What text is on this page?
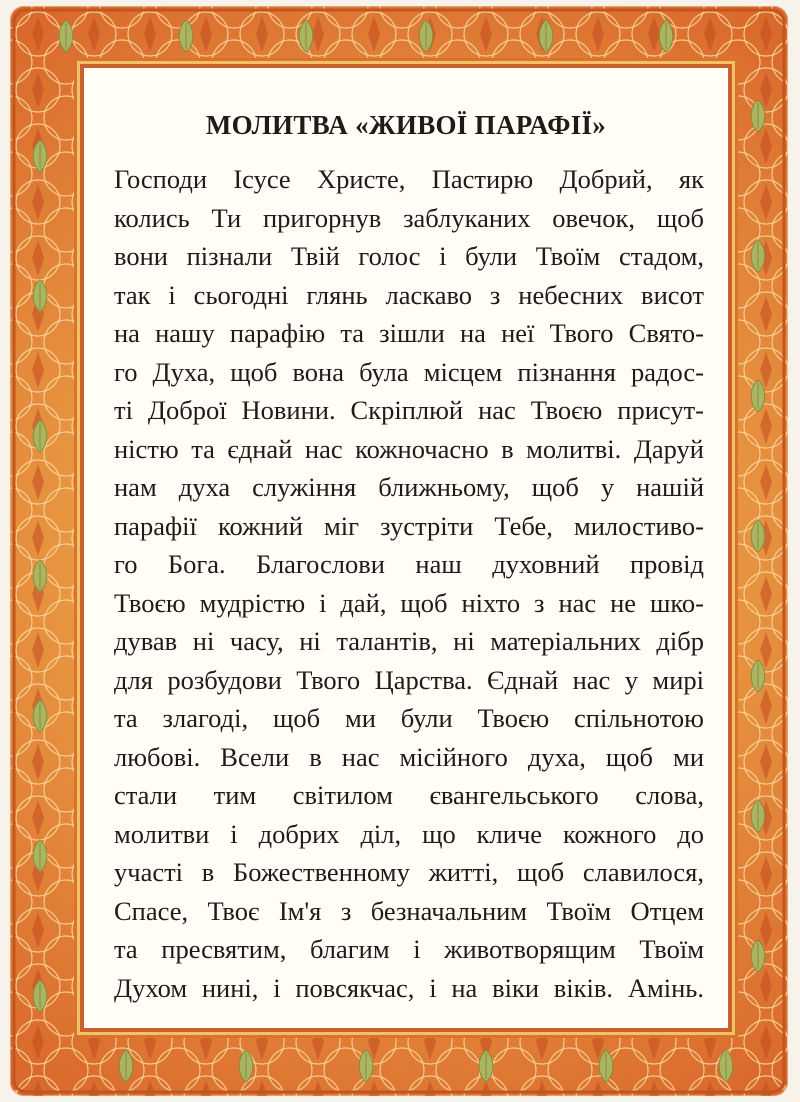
МОЛИТВА «ЖИВОЇ ПАРАФІЇ»
Господи Ісусе Христе, Пастирю Добрий, як
колись Ти пригорнув заблуканих овечок, щоб
вони пізнали Твій голос і були Твоїм стадом,
так і сьогодні глянь ласкаво з небесних висот
на нашу парафію та зішли на неї Твого Свято-
го Духа, щоб вона була місцем пізнання радос-
ті Доброї Новини. Скріплюй нас Твоєю присут-
ністю та єднай нас кожночасно в молитві. Даруй
нам духа служіння ближньому, щоб у нашій
парафії кожний міг зустріти Тебе, милостиво-
го Бога. Благослови наш духовний провід
Твоєю мудрістю і дай, щоб ніхто з нас не шко-
дував ні часу, ні талантів, ні матеріальних дібр
для розбудови Твого Царства. Єднай нас у мирі
та злагоді, щоб ми були Твоєю спільнотою
любові. Всели в нас місійного духа, щоб ми
стали тим світилом євангельського слова,
молитви і добрих діл, що кличе кожного до
участі в Божественному житті, щоб славилося,
Спасе, Твоє Ім'я з безначальним Твоїм Отцем
та пресвятим, благим і животворящим Твоїм
Духом нині, і повсякчас, і на віки віків. Амінь.
